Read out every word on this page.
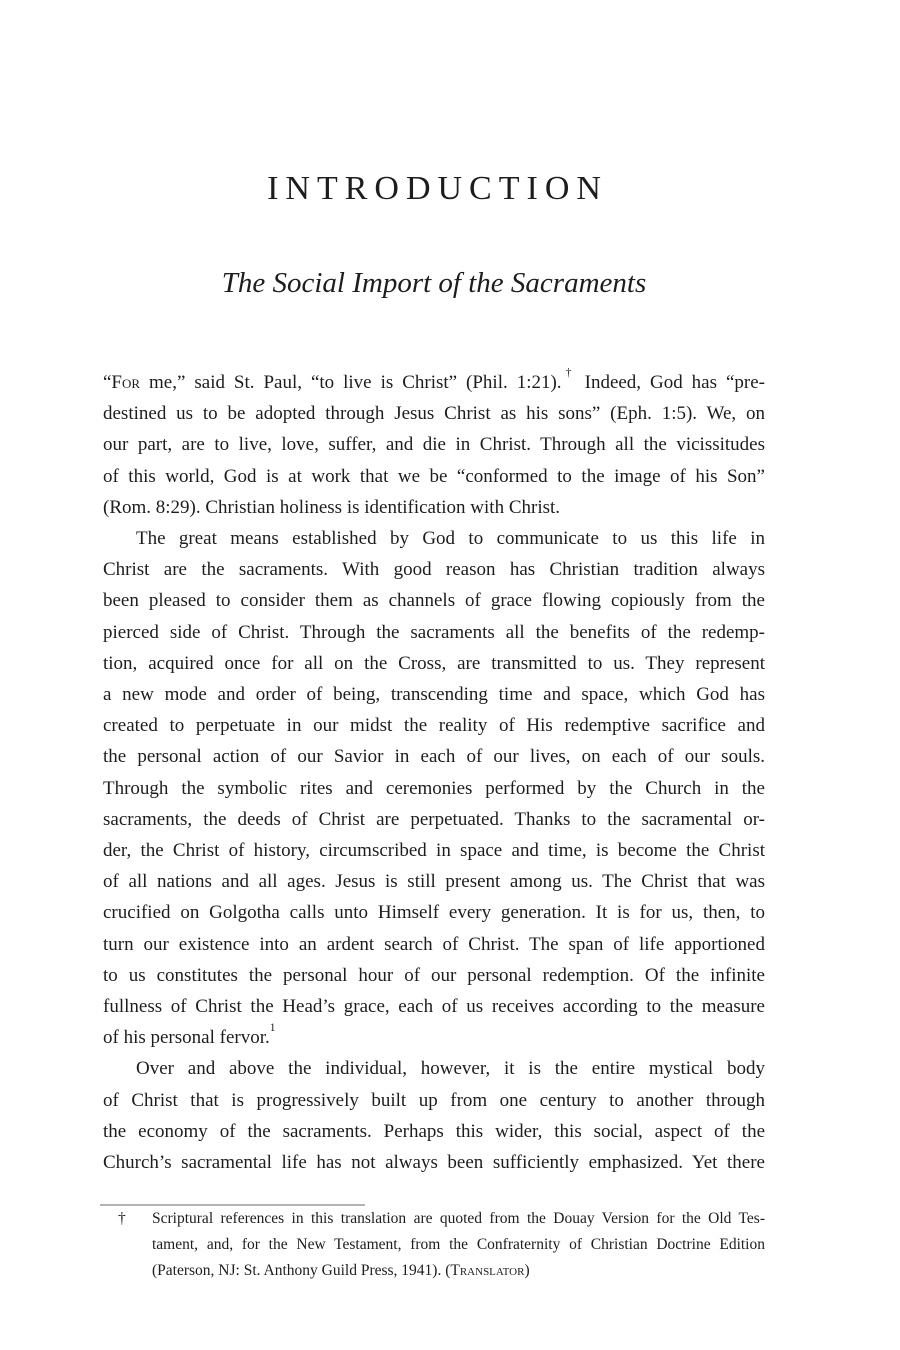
INTRODUCTION
The Social Import of the Sacraments
“For me,” said St. Paul, “to live is Christ” (Phil. 1:21).† Indeed, God has “pre-
destined us to be adopted through Jesus Christ as his sons” (Eph. 1:5). We, on
our part, are to live, love, suffer, and die in Christ. Through all the vicissitudes
of this world, God is at work that we be “conformed to the image of his Son”
(Rom. 8:29). Christian holiness is identification with Christ.
The great means established by God to communicate to us this life in
Christ are the sacraments. With good reason has Christian tradition always
been pleased to consider them as channels of grace flowing copiously from the
pierced side of Christ. Through the sacraments all the benefits of the redemp-
tion, acquired once for all on the Cross, are transmitted to us. They represent
a new mode and order of being, transcending time and space, which God has
created to perpetuate in our midst the reality of His redemptive sacrifice and
the personal action of our Savior in each of our lives, on each of our souls.
Through the symbolic rites and ceremonies performed by the Church in the
sacraments, the deeds of Christ are perpetuated. Thanks to the sacramental or-
der, the Christ of history, circumscribed in space and time, is become the Christ
of all nations and all ages. Jesus is still present among us. The Christ that was
crucified on Golgotha calls unto Himself every generation. It is for us, then, to
turn our existence into an ardent search of Christ. The span of life apportioned
to us constitutes the personal hour of our personal redemption. Of the infinite
fullness of Christ the Head’s grace, each of us receives according to the measure
of his personal fervor.$^1$
Over and above the individual, however, it is the entire mystical body
of Christ that is progressively built up from one century to another through
the economy of the sacraments. Perhaps this wider, this social, aspect of the
Church’s sacramental life has not always been sufficiently emphasized. Yet there
† Scriptural references in this translation are quoted from the Douay Version for the Old Tes-
tament, and, for the New Testament, from the Confraternity of Christian Doctrine Edition
(Paterson, NJ: St. Anthony Guild Press, 1941). (Translator)
